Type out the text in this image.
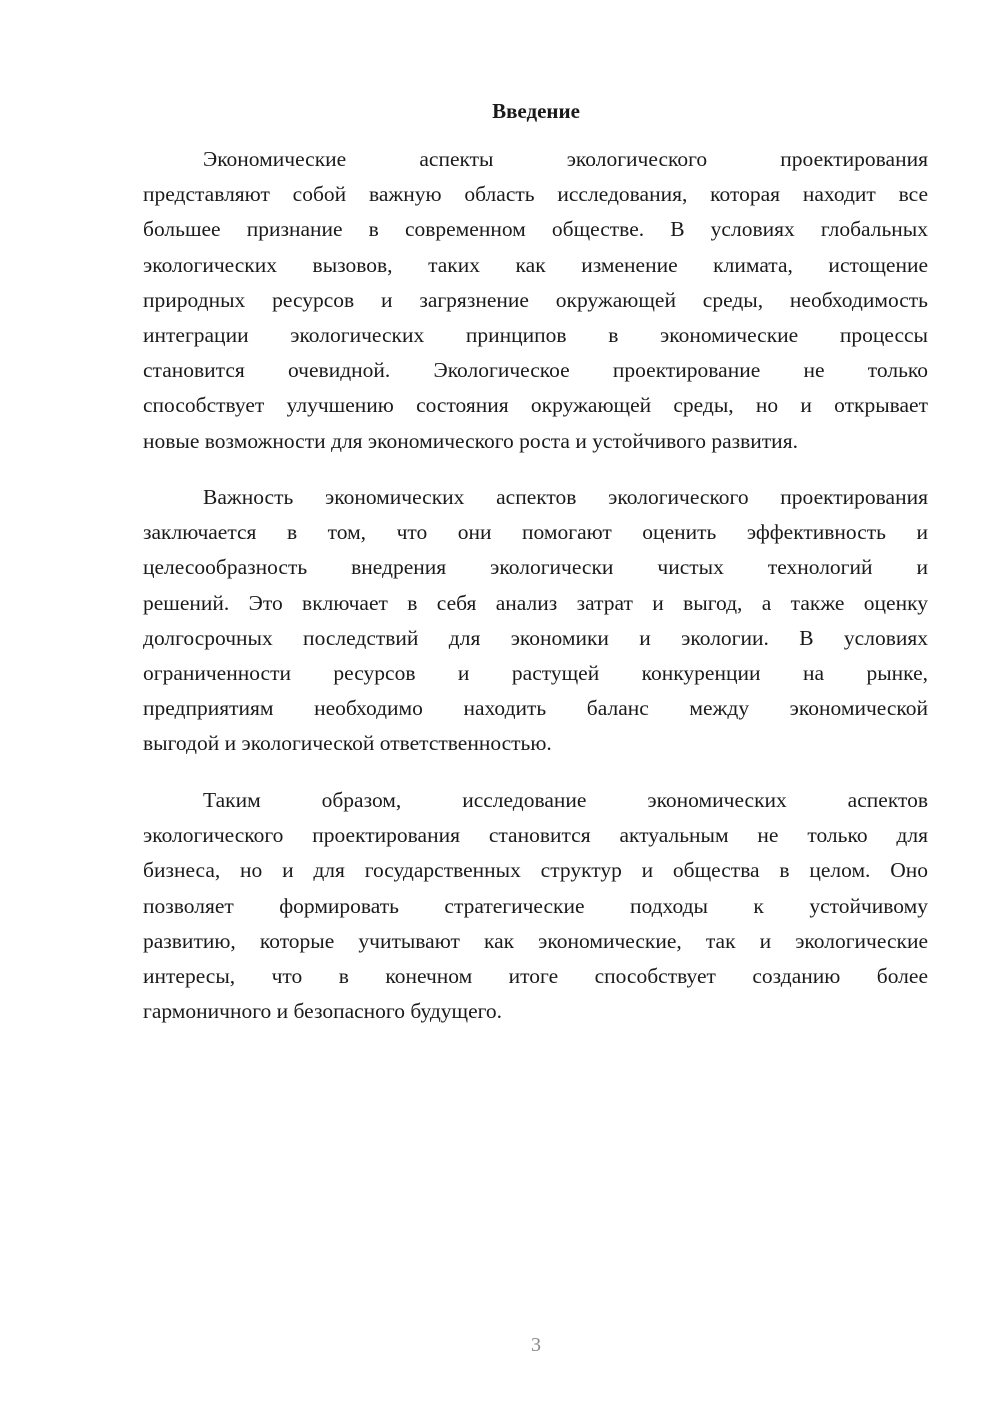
Введение
Экономические аспекты экологического проектирования
представляют собой важную область исследования, которая находит все
большее признание в современном обществе. В условиях глобальных
экологических вызовов, таких как изменение климата, истощение
природных ресурсов и загрязнение окружающей среды, необходимость
интеграции экологических принципов в экономические процессы
становится очевидной. Экологическое проектирование не только
способствует улучшению состояния окружающей среды, но и открывает
новые возможности для экономического роста и устойчивого развития.
Важность экономических аспектов экологического проектирования
заключается в том, что они помогают оценить эффективность и
целесообразность внедрения экологически чистых технологий и
решений. Это включает в себя анализ затрат и выгод, а также оценку
долгосрочных последствий для экономики и экологии. В условиях
ограниченности ресурсов и растущей конкуренции на рынке,
предприятиям необходимо находить баланс между экономической
выгодой и экологической ответственностью.
Таким образом, исследование экономических аспектов
экологического проектирования становится актуальным не только для
бизнеса, но и для государственных структур и общества в целом. Оно
позволяет формировать стратегические подходы к устойчивому
развитию, которые учитывают как экономические, так и экологические
интересы, что в конечном итоге способствует созданию более
гармоничного и безопасного будущего.
3
